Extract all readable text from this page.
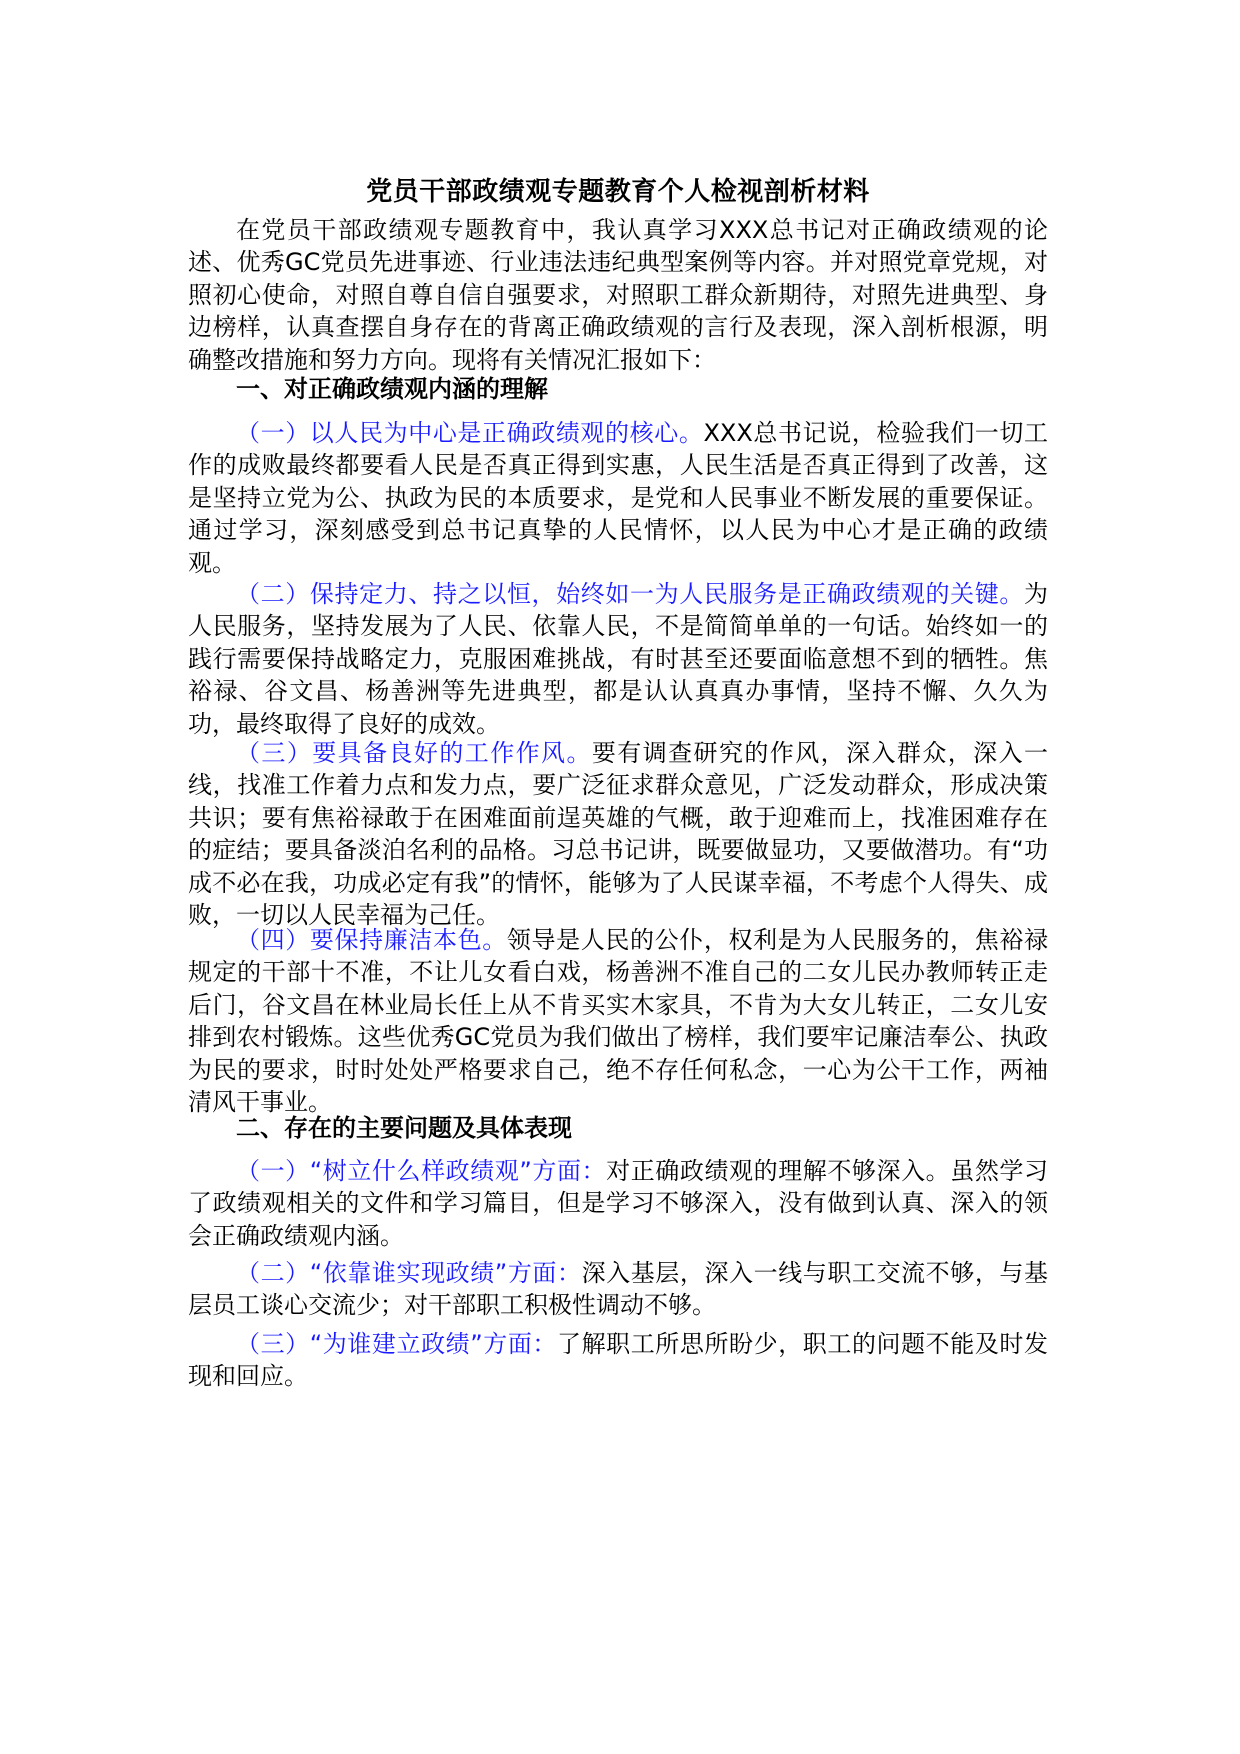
党员干部政绩观专题教育个人检视剖析材料

在党员干部政绩观专题教育中，我认真学习XXX总书记对正确政绩观的论述、优秀GC党员先进事迹、行业违法违纪典型案例等内容。并对照党章党规，对照初心使命，对照自尊自信自强要求，对照职工群众新期待，对照先进典型、身边榜样，认真查摆自身存在的背离正确政绩观的言行及表现，深入剖析根源，明确整改措施和努力方向。现将有关情况汇报如下：

一、对正确政绩观内涵的理解

（一）以人民为中心是正确政绩观的核心。XXX总书记说，检验我们一切工作的成败最终都要看人民是否真正得到实惠，人民生活是否真正得到了改善，这是坚持立党为公、执政为民的本质要求，是党和人民事业不断发展的重要保证。通过学习，深刻感受到总书记真挚的人民情怀，以人民为中心才是正确的政绩观。

（二）保持定力、持之以恒，始终如一为人民服务是正确政绩观的关键。为人民服务，坚持发展为了人民、依靠人民，不是简简单单的一句话。始终如一的践行需要保持战略定力，克服困难挑战，有时甚至还要面临意想不到的牺牲。焦裕禄、谷文昌、杨善洲等先进典型，都是认认真真办事情，坚持不懈、久久为功，最终取得了良好的成效。

（三）要具备良好的工作作风。要有调查研究的作风，深入群众，深入一线，找准工作着力点和发力点，要广泛征求群众意见，广泛发动群众，形成决策共识；要有焦裕禄敢于在困难面前逞英雄的气概，敢于迎难而上，找准困难存在的症结；要具备淡泊名利的品格。习总书记讲，既要做显功，又要做潜功。有“功成不必在我，功成必定有我”的情怀，能够为了人民谋幸福，不考虑个人得失、成败，一切以人民幸福为己任。

（四）要保持廉洁本色。领导是人民的公仆，权利是为人民服务的，焦裕禄规定的干部十不准，不让儿女看白戏，杨善洲不准自己的二女儿民办教师转正走后门，谷文昌在林业局长任上从不肯买实木家具，不肯为大女儿转正，二女儿安排到农村锻炼。这些优秀GC党员为我们做出了榜样，我们要牢记廉洁奉公、执政为民的要求，时时处处严格要求自己，绝不存任何私念，一心为公干工作，两袖清风干事业。

二、存在的主要问题及具体表现

（一）“树立什么样政绩观”方面：对正确政绩观的理解不够深入。虽然学习了政绩观相关的文件和学习篇目，但是学习不够深入，没有做到认真、深入的领会正确政绩观内涵。

（二）“依靠谁实现政绩”方面：深入基层，深入一线与职工交流不够，与基层员工谈心交流少；对干部职工积极性调动不够。

（三）“为谁建立政绩”方面：了解职工所思所盼少，职工的问题不能及时发现和回应。
